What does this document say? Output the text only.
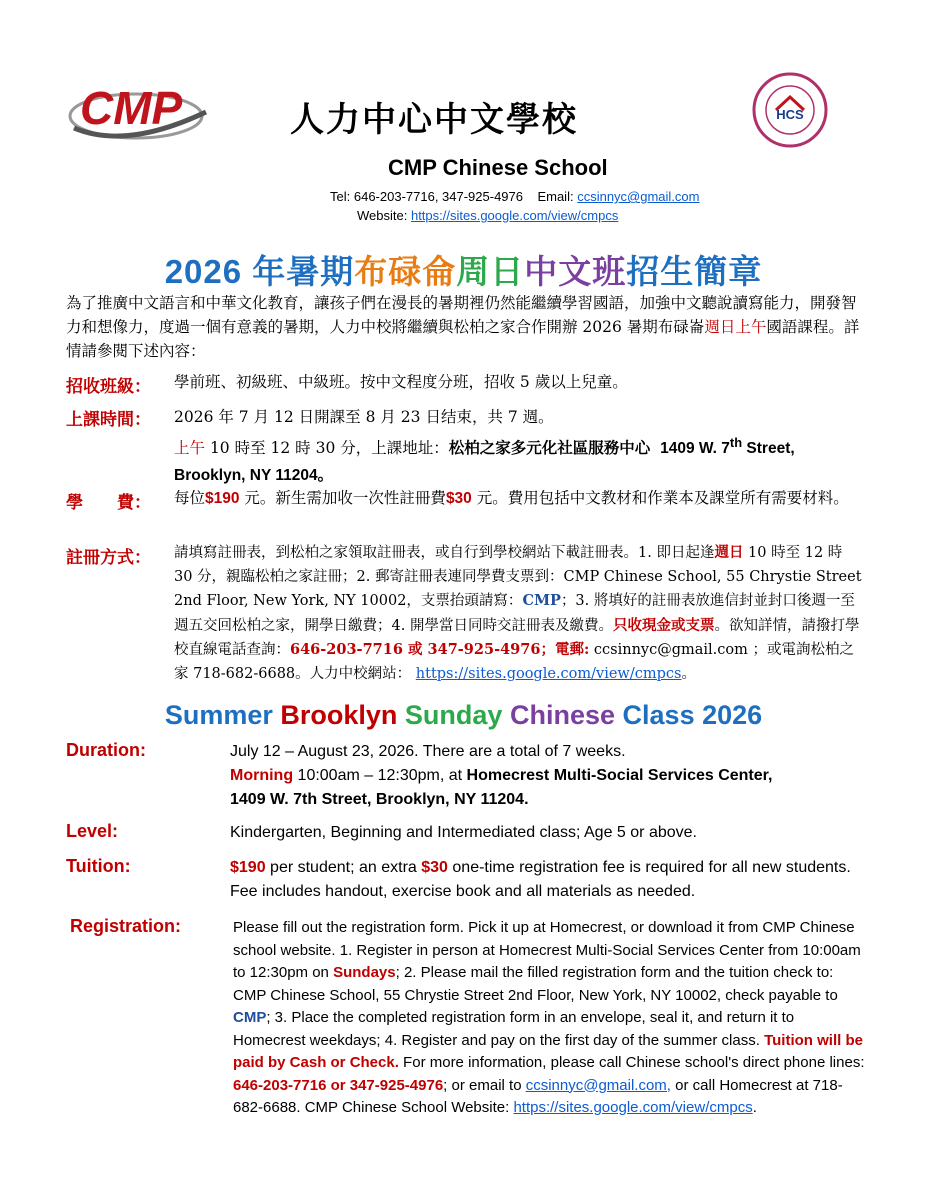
CMP	人力中心中文學校	HCS
CMP Chinese School
Tel: 646-203-7716, 347-925-4976 Email: ccsinnyc@gmail.com
Website: https://sites.google.com/view/cmpcs
2026 年暑期布碌侖周日中文班招生簡章
為了推廣中文語言和中華文化教育，讓孩子們在漫長的暑期裡仍然能繼續學習國語，加強中文聽說讀寫能力，開發智力和想像力，度過一個有意義的暑期，人力中校將繼續與松柏之家合作開辦 2026 暑期布碌崙週日上午國語課程。詳情請參閱下述內容：
招收班級： 學前班、初級班、中級班。按中文程度分班，招收 5 歲以上兒童。
上課時間： 2026 年 7 月 12 日開課至 8 月 23 日结束，共 7 週。
上午 10 時至 12 時 30 分，上課地址：松柏之家多元化社區服務中心 1409 W. 7th Street,
Brooklyn, NY 11204。
學　　費： 每位$190 元。新生需加收一次性註冊費$30 元。費用包括中文教材和作業本及課堂所有需要材料。
註冊方式： 請填寫註冊表，到松柏之家領取註冊表，或自行到學校網站下載註冊表。1. 即日起逢週日 10 時至 12 時 30 分，親臨松柏之家註冊；2. 郵寄註冊表連同學費支票到：CMP Chinese School, 55 Chrystie Street 2nd Floor, New York, NY 10002，支票抬頭請寫：CMP；3. 將填好的註冊表放進信封並封口後週一至週五交回松柏之家，開學日繳費；4. 開學當日同時交註冊表及繳費。只收現金或支票。欲知詳情，請撥打學校直線電話查詢：646-203-7716 或 347-925-4976；電郵: ccsinnyc@gmail.com ；或電詢松柏之家 718-682-6688。人力中校網站： https://sites.google.com/view/cmpcs。
Summer Brooklyn Sunday Chinese Class 2026
Duration:	July 12 – August 23, 2026. There are a total of 7 weeks.
Morning 10:00am – 12:30pm, at Homecrest Multi-Social Services Center,
1409 W. 7th Street, Brooklyn, NY 11204.
Level:	Kindergarten, Beginning and Intermediated class; Age 5 or above.
Tuition:	$190 per student; an extra $30 one-time registration fee is required for all new students. Fee includes handout, exercise book and all materials as needed.
Registration:	Please fill out the registration form. Pick it up at Homecrest, or download it from CMP Chinese school website. 1. Register in person at Homecrest Multi-Social Services Center from 10:00am to 12:30pm on Sundays; 2. Please mail the filled registration form and the tuition check to: CMP Chinese School, 55 Chrystie Street 2nd Floor, New York, NY 10002, check payable to CMP; 3. Place the completed registration form in an envelope, seal it, and return it to Homecrest weekdays; 4. Register and pay on the first day of the summer class. Tuition will be paid by Cash or Check. For more information, please call Chinese school's direct phone lines: 646-203-7716 or 347-925-4976; or email to ccsinnyc@gmail.com, or call Homecrest at 718-682-6688. CMP Chinese School Website: https://sites.google.com/view/cmpcs.
